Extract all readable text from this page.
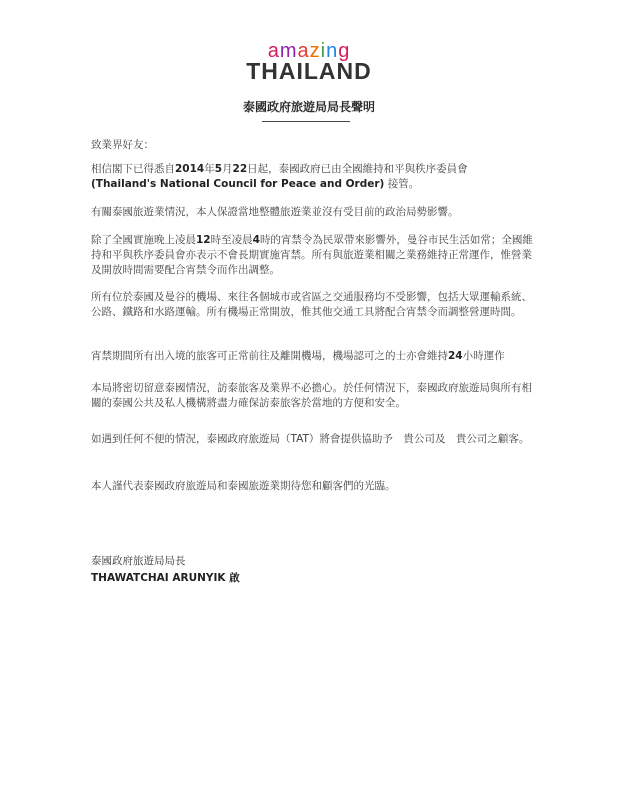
amazing
THAILAND
泰國政府旅遊局局長聲明

致業界好友：

相信閣下已得悉自2014年5月22日起，泰國政府已由全國維持和平與秩序委員會
(Thailand's National Council for Peace and Order) 接管。

有關泰國旅遊業情況，本人保證當地整體旅遊業並沒有受目前的政治局勢影響。

除了全國實施晚上凌晨12時至凌晨4時的宵禁令為民眾帶來影響外，曼谷市民生活如常；全國維持和平與秩序委員會亦表示不會長期實施宵禁。所有與旅遊業相關之業務維持正常運作，惟營業及開放時間需要配合宵禁令而作出調整。

所有位於泰國及曼谷的機場、來往各個城市或省區之交通服務均不受影響，包括大眾運輸系統、公路、鐵路和水路運輸。所有機場正常開放，惟其他交通工具將配合宵禁令而調整營運時間。

宵禁期間所有出入境的旅客可正常前往及離開機場，機場認可之的士亦會維持24小時運作

本局將密切留意泰國情況，訪泰旅客及業界不必擔心。於任何情況下，泰國政府旅遊局與所有相關的泰國公共及私人機構將盡力確保訪泰旅客於當地的方便和安全。

如遇到任何不便的情況，泰國政府旅遊局（TAT）將會提供協助予　貴公司及　貴公司之顧客。

本人謹代表泰國政府旅遊局和泰國旅遊業期待您和顧客們的光臨。

泰國政府旅遊局局長
THAWATCHAI ARUNYIK 啟
